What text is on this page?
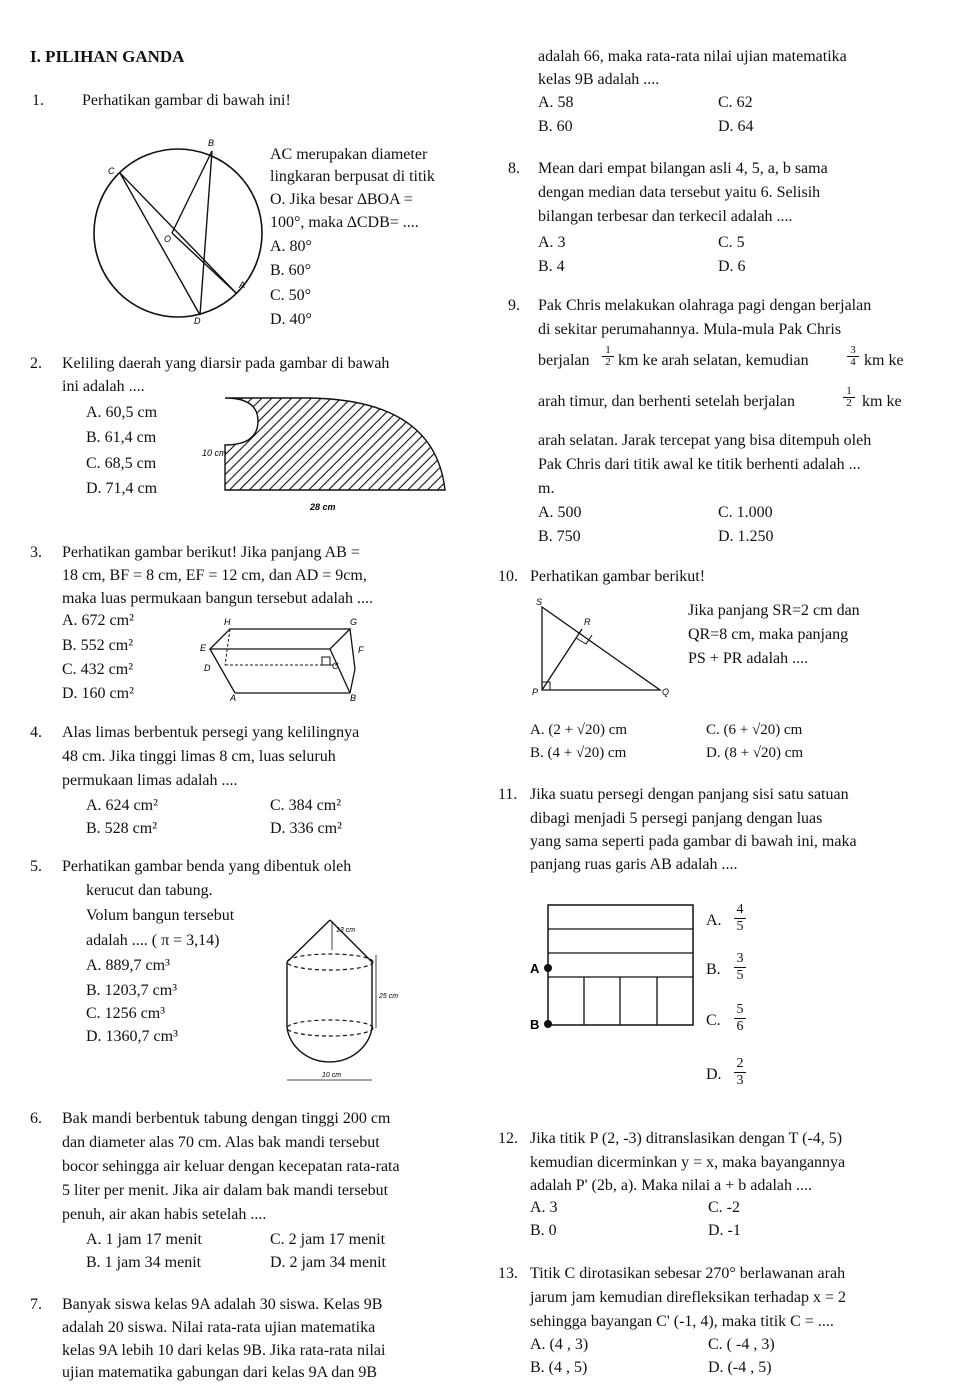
I. PILIHAN GANDA
1. Perhatikan gambar di bawah ini!
B
C
O
A
D
AC merupakan diameter
lingkaran berpusat di titik
O. Jika besar ∆BOA =
100°, maka ∆CDB= ....
A. 80°
B. 60°
C. 50°
D. 40°
2. Keliling daerah yang diarsir pada gambar di bawah
ini adalah ....
A. 60,5 cm
B. 61,4 cm
C. 68,5 cm
D. 71,4 cm
10 cm
28 cm
3. Perhatikan gambar berikut! Jika panjang AB =
18 cm, BF = 8 cm, EF = 12 cm, dan AD = 9cm,
maka luas permukaan bangun tersebut adalah ....
A. 672 cm²
B. 552 cm²
C. 432 cm²
D. 160 cm²
H	G
E	F
D	C
A	B
4. Alas limas berbentuk persegi yang kelilingnya
48 cm. Jika tinggi limas 8 cm, luas seluruh
permukaan limas adalah ....
A. 624 cm²	C. 384 cm²
B. 528 cm²	D. 336 cm²
5. Perhatikan gambar benda yang dibentuk oleh
kerucut dan tabung.
Volum bangun tersebut
adalah .... ( π = 3,14)
A. 889,7 cm³
B. 1203,7 cm³
C. 1256 cm³
D. 1360,7 cm³
13 cm
25 cm
10 cm
6. Bak mandi berbentuk tabung dengan tinggi 200 cm
dan diameter alas 70 cm. Alas bak mandi tersebut
bocor sehingga air keluar dengan kecepatan rata-rata
5 liter per menit. Jika air dalam bak mandi tersebut
penuh, air akan habis setelah ....
A. 1 jam 17 menit	C. 2 jam 17 menit
B. 1 jam 34 menit	D. 2 jam 34 menit
7. Banyak siswa kelas 9A adalah 30 siswa. Kelas 9B
adalah 20 siswa. Nilai rata-rata ujian matematika
kelas 9A lebih 10 dari kelas 9B. Jika rata-rata nilai
ujian matematika gabungan dari kelas 9A dan 9B
adalah 66, maka rata-rata nilai ujian matematika
kelas 9B adalah ....
A. 58	C. 62
B. 60	D. 64
8. Mean dari empat bilangan asli 4, 5, a, b sama
dengan median data tersebut yaitu 6. Selisih
bilangan terbesar dan terkecil adalah ....
A. 3	C. 5
B. 4	D. 6
9. Pak Chris melakukan olahraga pagi dengan berjalan
di sekitar perumahannya. Mula-mula Pak Chris
berjalan
1
2 km ke arah selatan, kemudian
3
4 km ke
arah timur, dan berhenti setelah berjalan
1
2 km ke
arah selatan. Jarak tercepat yang bisa ditempuh oleh
Pak Chris dari titik awal ke titik berhenti adalah ...
m.
A. 500	C. 1.000
B. 750	D. 1.250
10. Perhatikan gambar berikut!
S
R
P	Q
Jika panjang SR=2 cm dan
QR=8 cm, maka panjang
PS + PR adalah ....
A. (2 + √20) cm	C. (6 + √20) cm
B. (4 + √20) cm	D. (8 + √20) cm
11. Jika suatu persegi dengan panjang sisi satu satuan
dibagi menjadi 5 persegi panjang dengan luas
yang sama seperti pada gambar di bawah ini, maka
panjang ruas garis AB adalah ....
A
B
A.
4
5
B.
3
5
C.
5
6
D.
2
3
12. Jika titik P (2, -3) ditranslasikan dengan T (-4, 5)
kemudian dicerminkan y = x, maka bayangannya
adalah P' (2b, a). Maka nilai a + b adalah ....
A. 3	C. -2
B. 0	D. -1
13. Titik C dirotasikan sebesar 270° berlawanan arah
jarum jam kemudian direfleksikan terhadap x = 2
sehingga bayangan C' (-1, 4), maka titik C = ....
A. (4 , 3)	C. ( -4 , 3)
B. (4 , 5)	D. (-4 , 5)
